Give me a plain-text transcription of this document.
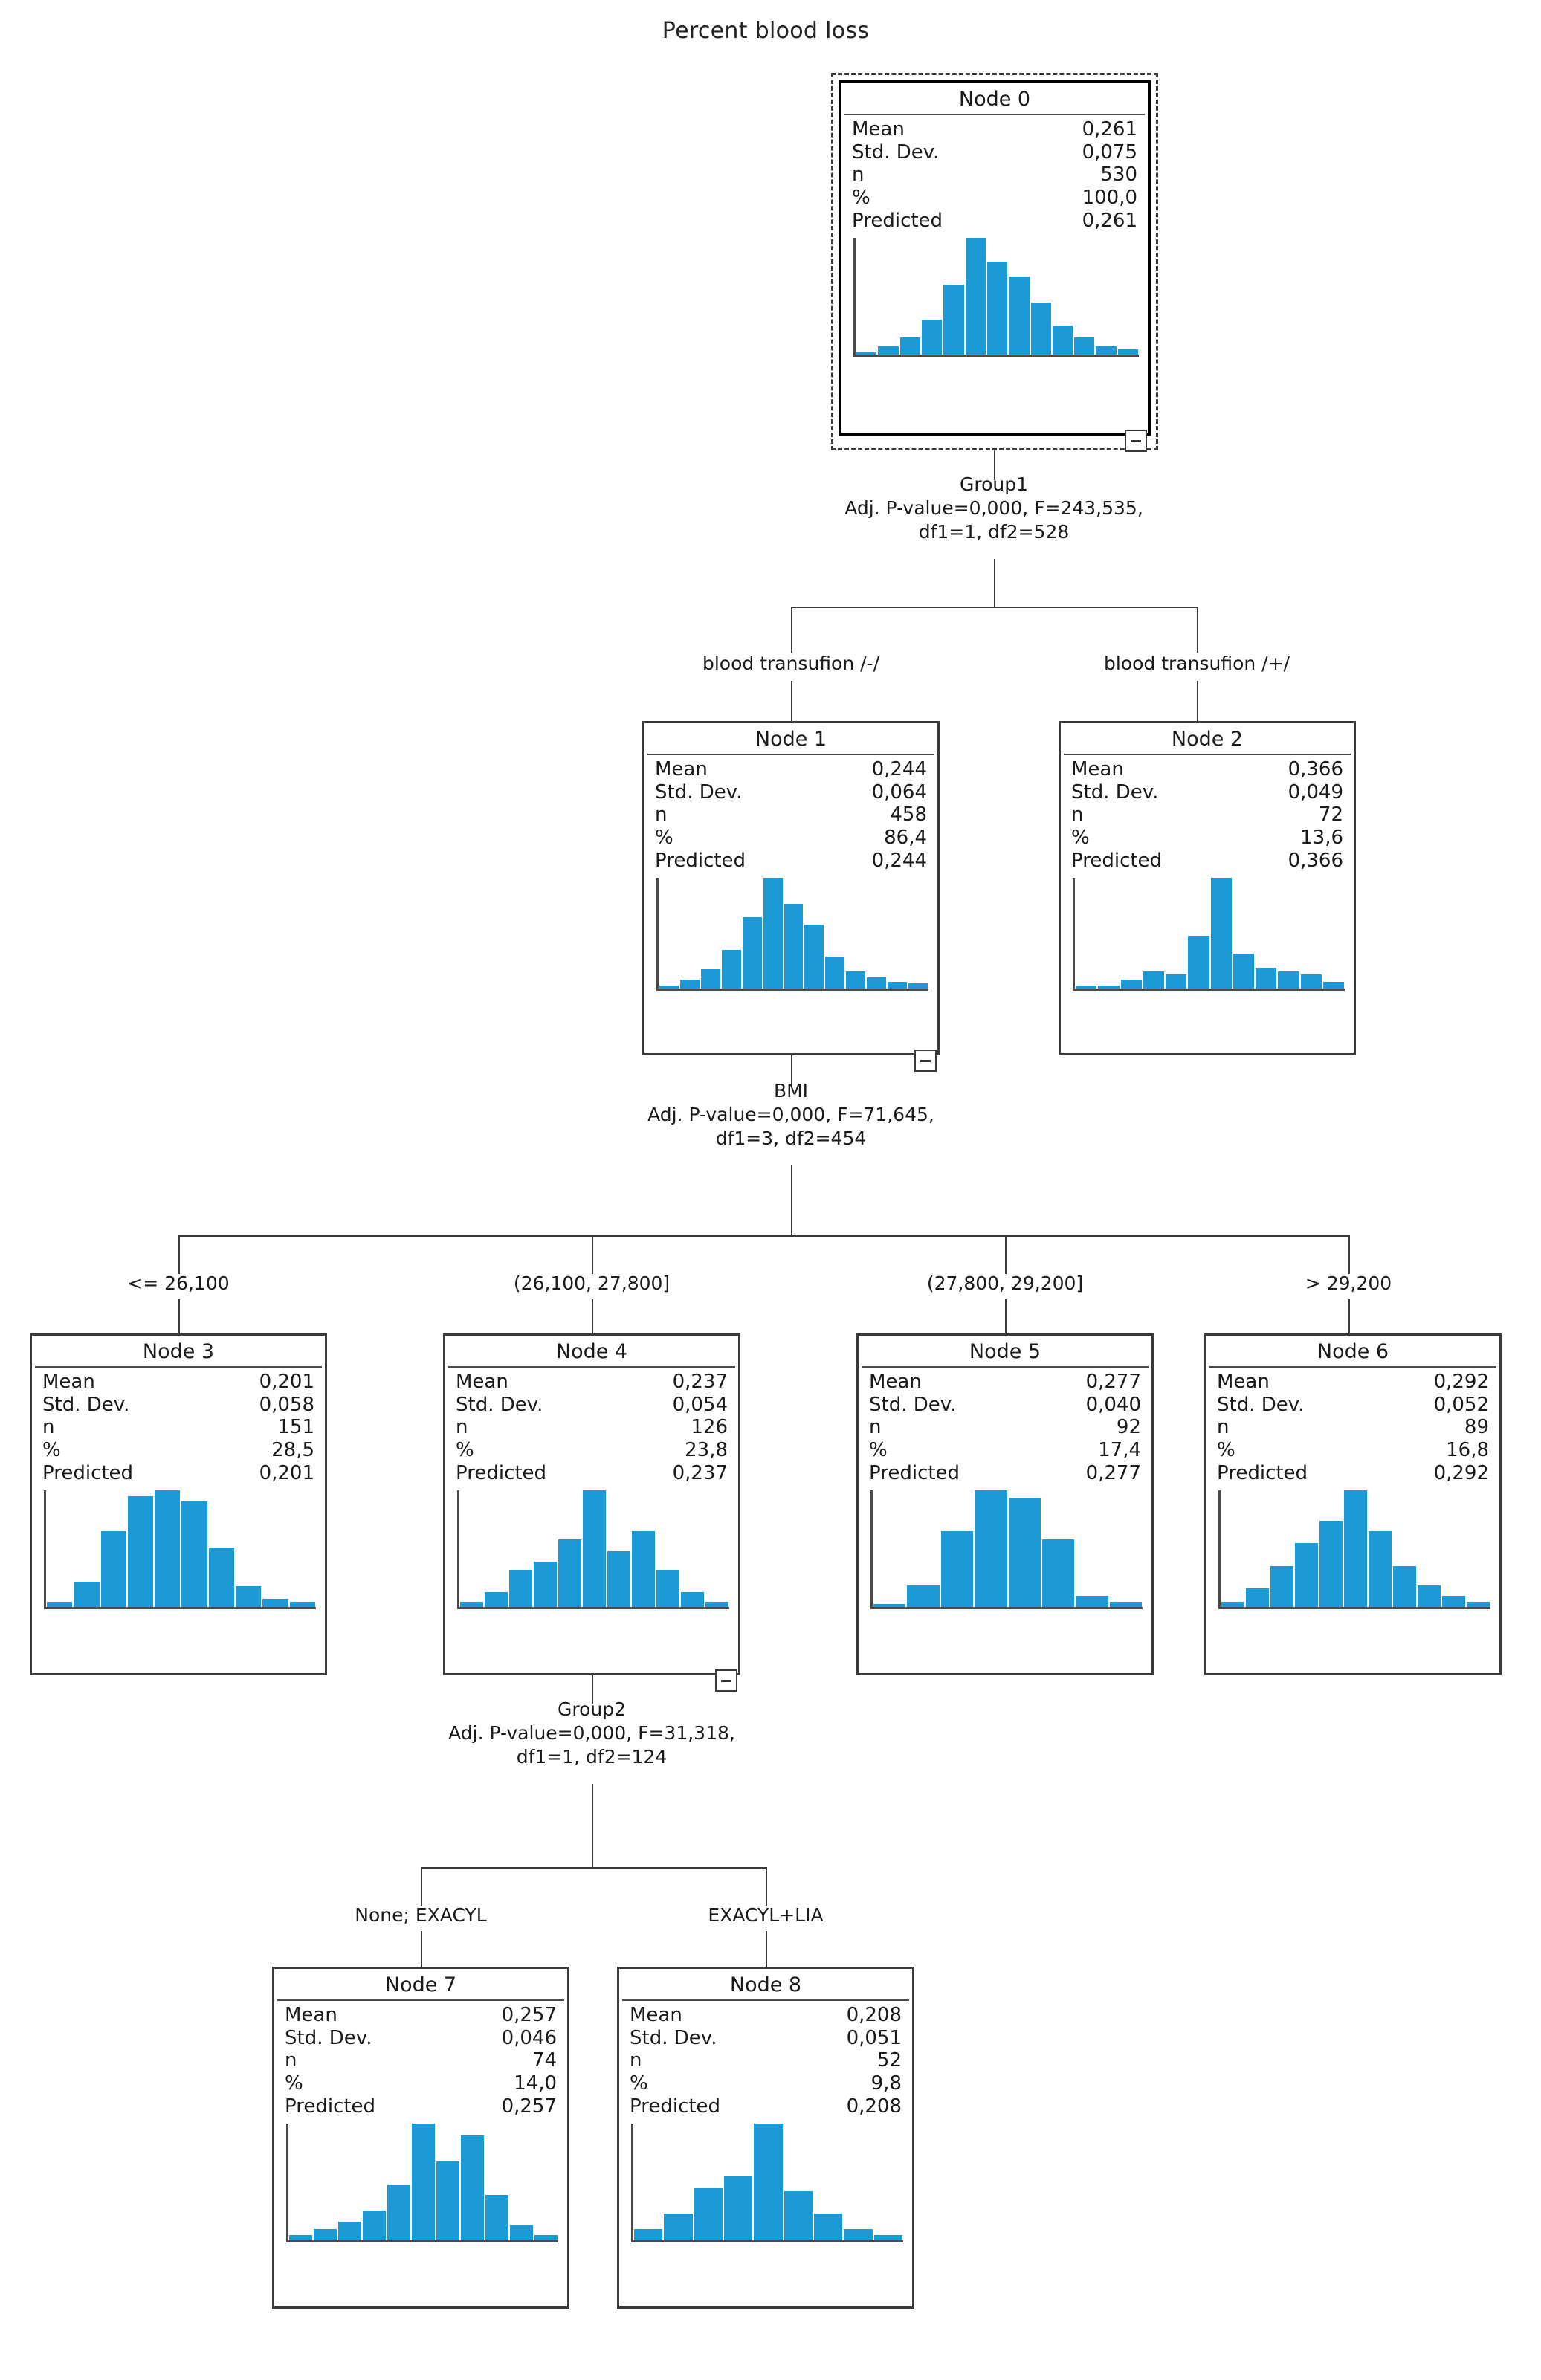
Percent blood loss
Node 0
Mean	0,261
Std. Dev.	0,075
n	530
%	100,0
Predicted	0,261
Group1
Adj. P-value=0,000, F=243,535,
df1=1, df2=528
blood transufion /-/	blood transufion /+/
Node 1
Mean	0,244
Std. Dev.	0,064
n	458
%	86,4
Predicted	0,244
Node 2
Mean	0,366
Std. Dev.	0,049
n	72
%	13,6
Predicted	0,366
BMI
Adj. P-value=0,000, F=71,645,
df1=3, df2=454
<= 26,100	(26,100, 27,800]	(27,800, 29,200]	> 29,200
Node 3
Mean	0,201
Std. Dev.	0,058
n	151
%	28,5
Predicted	0,201
Node 4
Mean	0,237
Std. Dev.	0,054
n	126
%	23,8
Predicted	0,237
Node 5
Mean	0,277
Std. Dev.	0,040
n	92
%	17,4
Predicted	0,277
Node 6
Mean	0,292
Std. Dev.	0,052
n	89
%	16,8
Predicted	0,292
Group2
Adj. P-value=0,000, F=31,318,
df1=1, df2=124
None; EXACYL	EXACYL+LIA
Node 7
Mean	0,257
Std. Dev.	0,046
n	74
%	14,0
Predicted	0,257
Node 8
Mean	0,208
Std. Dev.	0,051
n	52
%	9,8
Predicted	0,208
